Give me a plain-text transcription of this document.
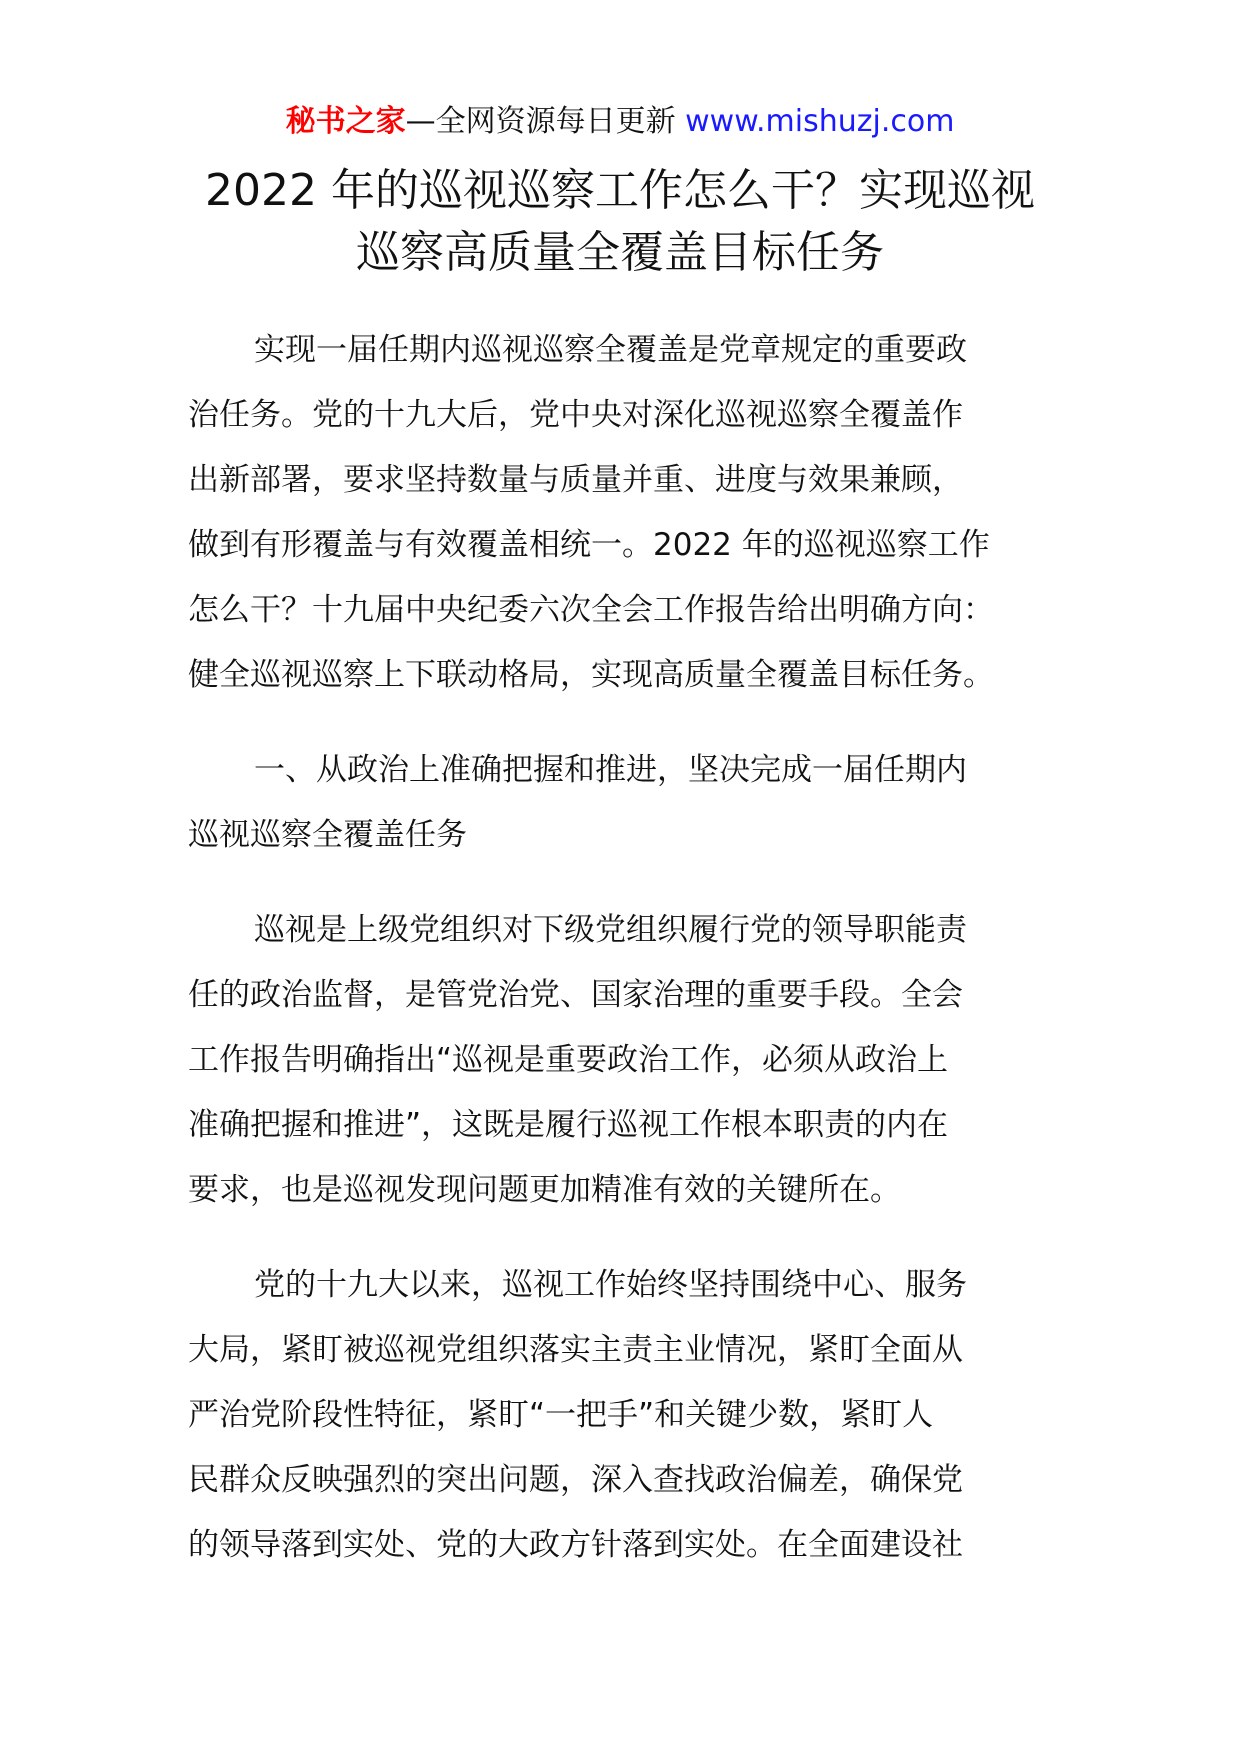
秘书之家—全网资源每日更新 www.mishuzj.com
2022 年的巡视巡察工作怎么干？实现巡视
巡察高质量全覆盖目标任务

实现一届任期内巡视巡察全覆盖是党章规定的重要政
治任务。党的十九大后，党中央对深化巡视巡察全覆盖作
出新部署，要求坚持数量与质量并重、进度与效果兼顾，
做到有形覆盖与有效覆盖相统一。2022 年的巡视巡察工作
怎么干？十九届中央纪委六次全会工作报告给出明确方向：
健全巡视巡察上下联动格局，实现高质量全覆盖目标任务。

一、从政治上准确把握和推进，坚决完成一届任期内
巡视巡察全覆盖任务

巡视是上级党组织对下级党组织履行党的领导职能责
任的政治监督，是管党治党、国家治理的重要手段。全会
工作报告明确指出“巡视是重要政治工作，必须从政治上
准确把握和推进”，这既是履行巡视工作根本职责的内在
要求，也是巡视发现问题更加精准有效的关键所在。

党的十九大以来，巡视工作始终坚持围绕中心、服务
大局，紧盯被巡视党组织落实主责主业情况，紧盯全面从
严治党阶段性特征，紧盯“一把手”和关键少数，紧盯人
民群众反映强烈的突出问题，深入查找政治偏差，确保党
的领导落到实处、党的大政方针落到实处。在全面建设社
